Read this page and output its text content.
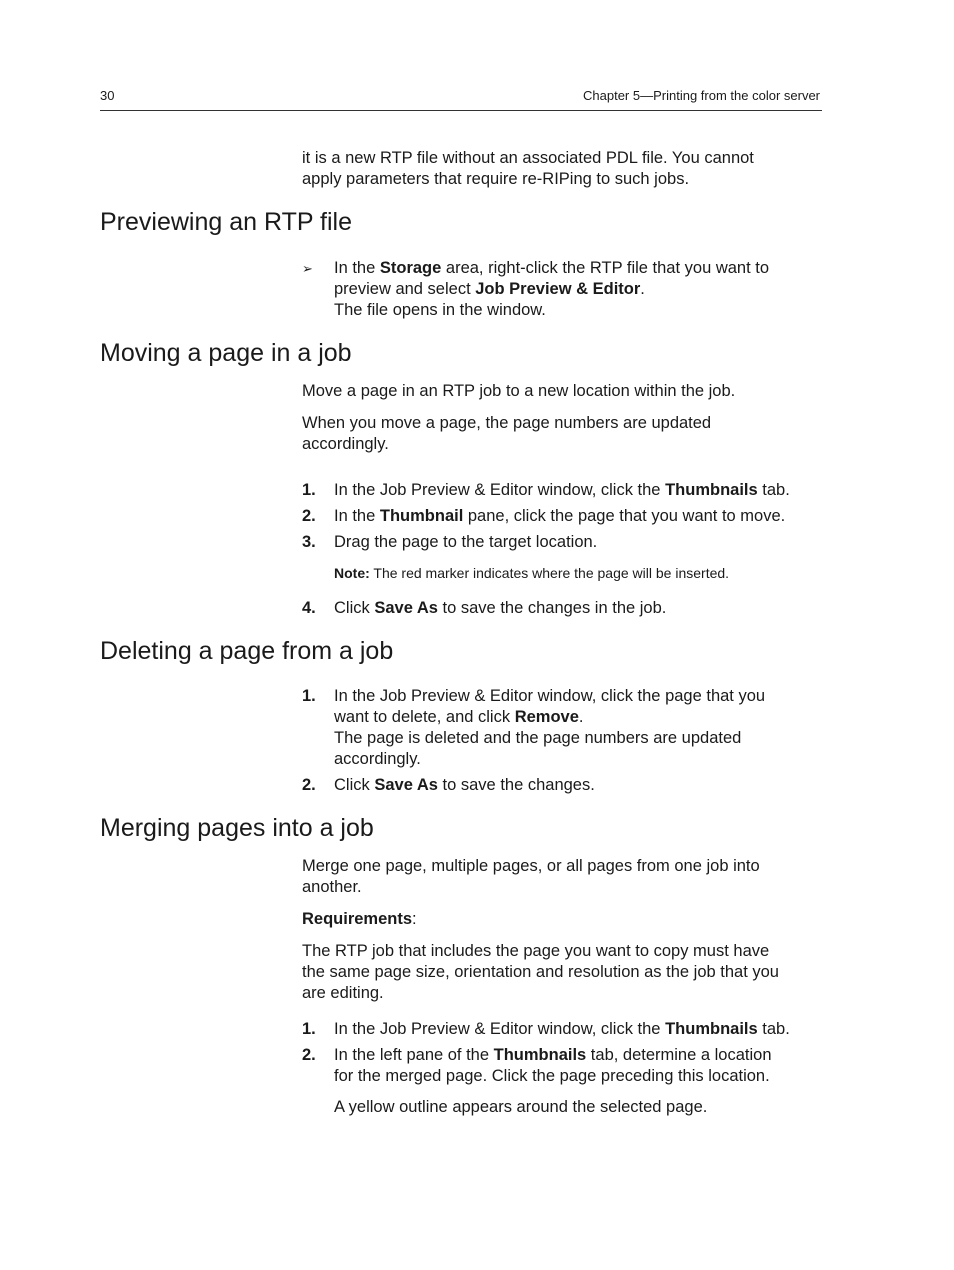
30	Chapter 5—Printing from the color server
it is a new RTP file without an associated PDL file. You cannot
apply parameters that require re-RIPing to such jobs.
Previewing an RTP file
➢ In the Storage area, right-click the RTP file that you want to
preview and select Job Preview & Editor.
The file opens in the window.
Moving a page in a job
Move a page in an RTP job to a new location within the job.
When you move a page, the page numbers are updated
accordingly.
1. In the Job Preview & Editor window, click the Thumbnails tab.
2. In the Thumbnail pane, click the page that you want to move.
3. Drag the page to the target location.
Note: The red marker indicates where the page will be inserted.
4. Click Save As to save the changes in the job.
Deleting a page from a job
1. In the Job Preview & Editor window, click the page that you
want to delete, and click Remove.
The page is deleted and the page numbers are updated
accordingly.
2. Click Save As to save the changes.
Merging pages into a job
Merge one page, multiple pages, or all pages from one job into
another.
Requirements:
The RTP job that includes the page you want to copy must have
the same page size, orientation and resolution as the job that you
are editing.
1. In the Job Preview & Editor window, click the Thumbnails tab.
2. In the left pane of the Thumbnails tab, determine a location
for the merged page. Click the page preceding this location.
A yellow outline appears around the selected page.
